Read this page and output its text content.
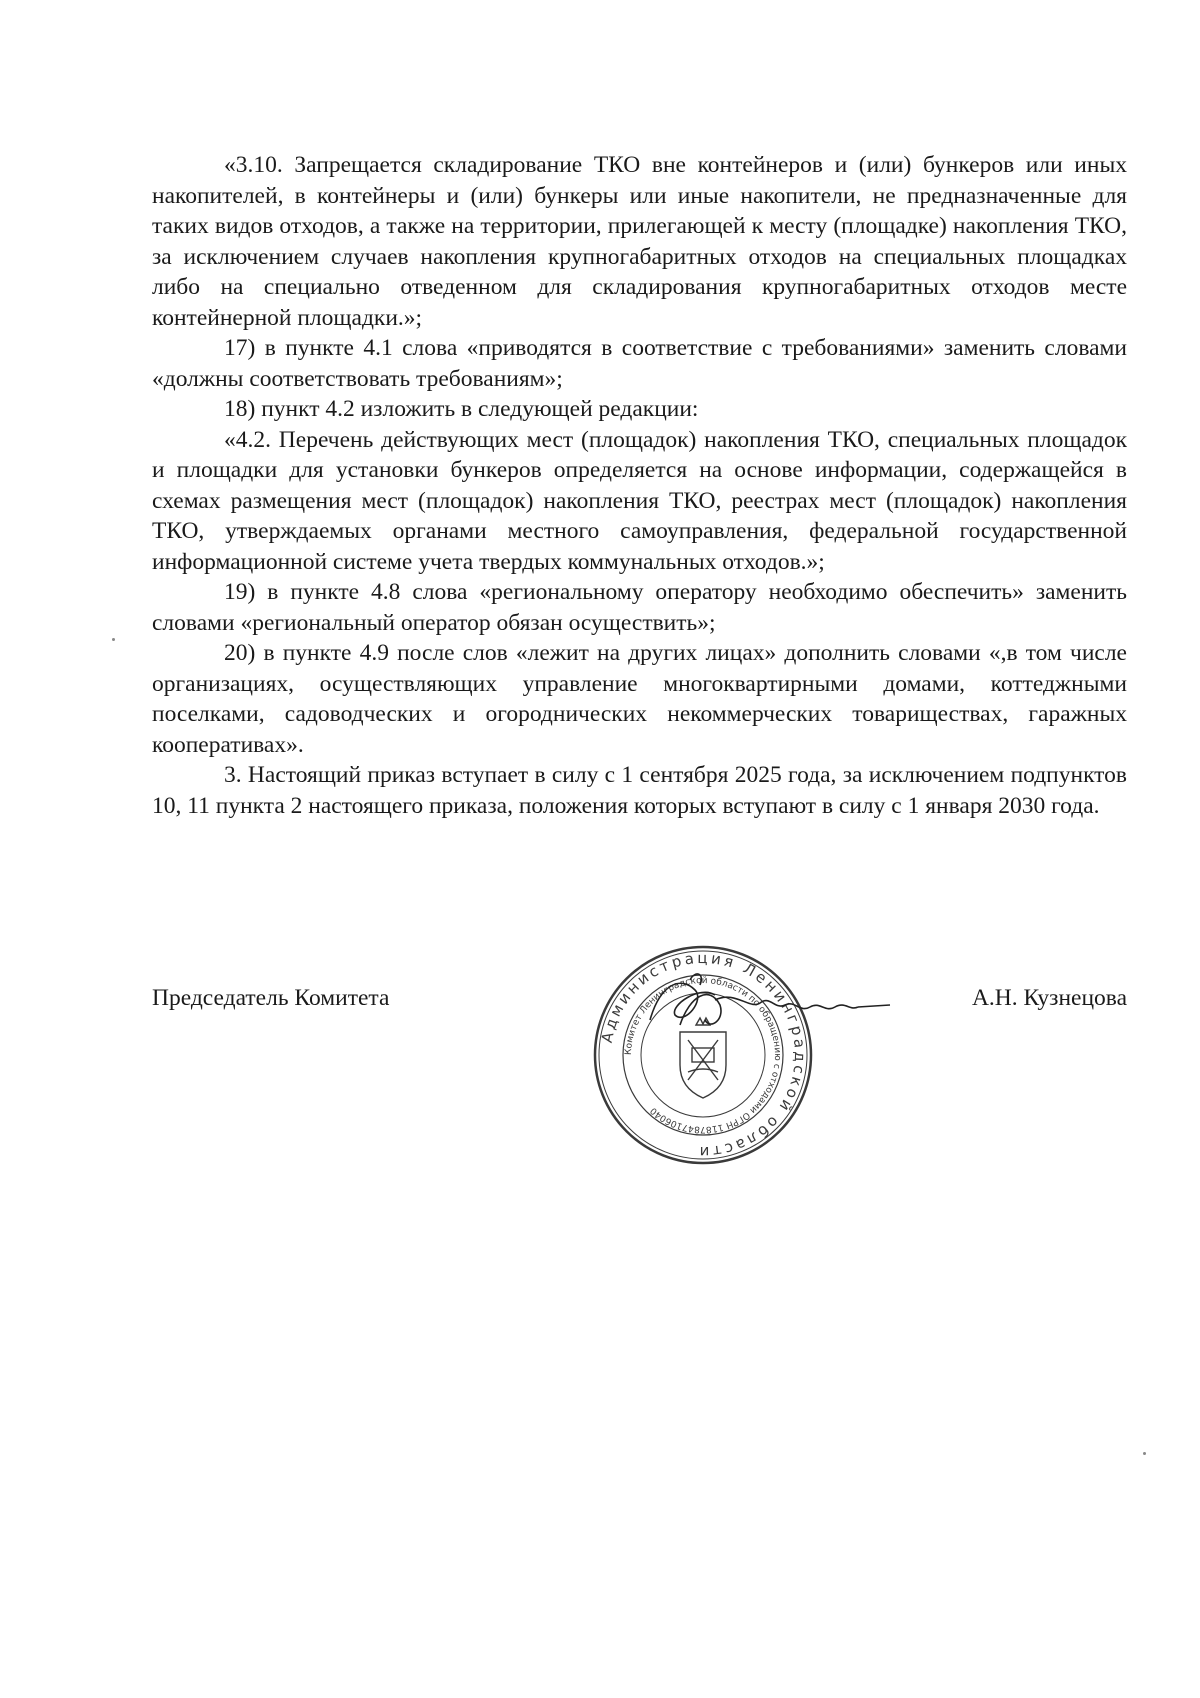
«3.10. Запрещается складирование ТКО вне контейнеров и (или) бункеров или иных накопителей, в контейнеры и (или) бункеры или иные накопители, не предназначенные для таких видов отходов, а также на территории, прилегающей к месту (площадке) накопления ТКО, за исключением случаев накопления крупногабаритных отходов на специальных площадках либо на специально отведенном для складирования крупногабаритных отходов месте контейнерной площадки.»;

17) в пункте 4.1 слова «приводятся в соответствие с требованиями» заменить словами «должны соответствовать требованиям»;

18) пункт 4.2 изложить в следующей редакции:

«4.2. Перечень действующих мест (площадок) накопления ТКО, специальных площадок и площадки для установки бункеров определяется на основе информации, содержащейся в схемах размещения мест (площадок) накопления ТКО, реестрах мест (площадок) накопления ТКО, утверждаемых органами местного самоуправления, федеральной государственной информационной системе учета твердых коммунальных отходов.»;

19) в пункте 4.8 слова «региональному оператору необходимо обеспечить» заменить словами «региональный оператор обязан осуществить»;

20) в пункте 4.9 после слов «лежит на других лицах» дополнить словами «,в том числе организациях, осуществляющих управление многоквартирными домами, коттеджными поселками, садоводческих и огороднических некоммерческих товариществах, гаражных кооперативах».

3. Настоящий приказ вступает в силу с 1 сентября 2025 года, за исключением подпунктов 10, 11 пункта 2 настоящего приказа, положения которых вступают в силу с 1 января 2030 года.

Администрация Ленинградской области
Комитет Ленинградской области по обращению с отходами ОГРН 1187847106040
Председатель Комитета	А.Н. Кузнецова
